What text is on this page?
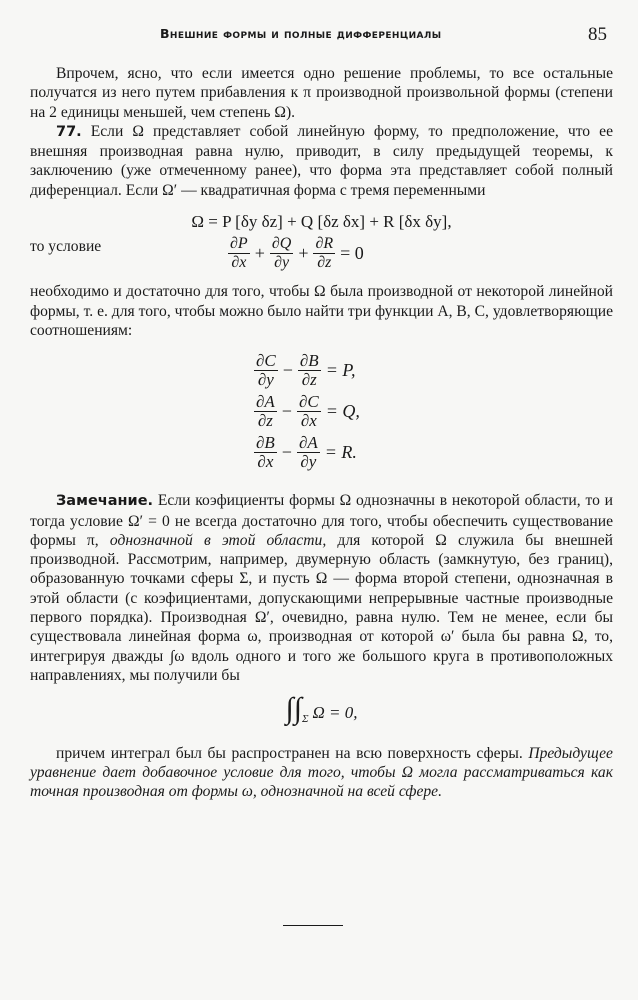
Внешние формы и полные дифференциалы	85

Впрочем, ясно, что если имеется одно решение проблемы, то все остальные получатся из него путем прибавления к π производной произвольной формы (степени на 2 единицы меньшей, чем степень Ω).

77. Если Ω представляет собой линейную форму, то предположение, что ее внешняя производная равна нулю, приводит, в силу предыдущей теоремы, к заключению (уже отмеченному ранее), что форма эта представляет собой полный диференциал. Если Ω′ — квадратичная форма с тремя переменными

Ω = P [δy δz] + Q [δz δx] + R [δx δy],

то условие	$\frac{\partial P}{\partial x} + \frac{\partial Q}{\partial y} + \frac{\partial R}{\partial z} = 0$

необходимо и достаточно для того, чтобы Ω была производной от некоторой линейной формы, т. е. для того, чтобы можно было найти три функции A, B, C, удовлетворяющие соотношениям:

$\frac{\partial C}{\partial y} - \frac{\partial B}{\partial z} = P$,
$\frac{\partial A}{\partial z} - \frac{\partial C}{\partial x} = Q$,
$\frac{\partial B}{\partial x} - \frac{\partial A}{\partial y} = R$.

Замечание. Если коэфициенты формы Ω однозначны в некоторой области, то и тогда условие Ω′ = 0 не всегда достаточно для того, чтобы обеспечить существование формы π, однозначной в этой области, для которой Ω служила бы внешней производной. Рассмотрим, например, двумерную область (замкнутую, без границ), образованную точками сферы Σ, и пусть Ω — форма второй степени, однозначная в этой области (с коэфициентами, допускающими непрерывные частные производные первого порядка). Производная Ω′, очевидно, равна нулю. Тем не менее, если бы существовала линейная форма ω, производная от которой ω′ была бы равна Ω, то, интегрируя дважды ∫ω вдоль одного и того же большого круга в противоположных направлениях, мы получили бы

$\int\int_\Sigma$ Ω = 0,

причем интеграл был бы распространен на всю поверхность сферы. Предыдущее уравнение дает добавочное условие для того, чтобы Ω могла рассматриваться как точная производная от формы ω, однозначной на всей сфере.
